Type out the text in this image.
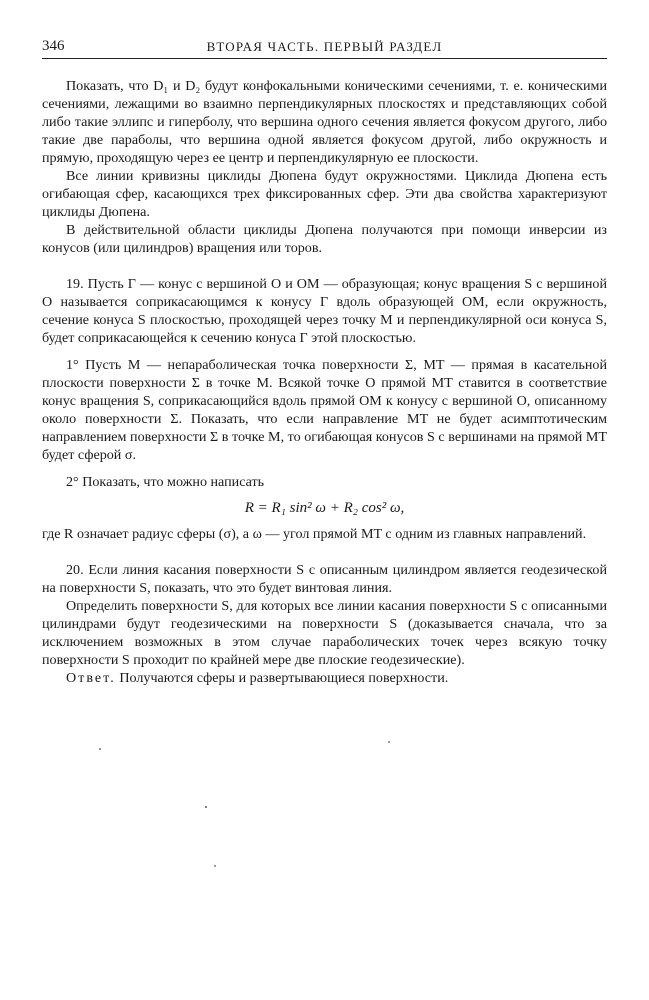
346	ВТОРАЯ ЧАСТЬ. ПЕРВЫЙ РАЗДЕЛ

Показать, что D₁ и D₂ будут конфокальными коническими сечениями, т. е. коническими сечениями, лежащими во взаимно перпендикулярных плоскостях и представляющих собой либо такие эллипс и гиперболу, что вершина одного сечения является фокусом другого, либо такие две параболы, что вершина одной является фокусом другой, либо окружность и прямую, проходящую через ее центр и перпендикулярную ее плоскости.

Все линии кривизны циклиды Дюпена будут окружностями. Циклида Дюпена есть огибающая сфер, касающихся трех фиксированных сфер. Эти два свойства характеризуют циклиды Дюпена.

В действительной области циклиды Дюпена получаются при помощи инверсии из конусов (или цилиндров) вращения или торов.

19. Пусть Γ — конус с вершиной O и OM — образующая; конус вращения S с вершиной O называется соприкасающимся к конусу Γ вдоль образующей OM, если окружность, сечение конуса S плоскостью, проходящей через точку M и перпендикулярной оси конуса S, будет соприкасающейся к сечению конуса Γ этой плоскостью.

1° Пусть M — непараболическая точка поверхности Σ, MT — прямая в касательной плоскости поверхности Σ в точке M. Всякой точке O прямой MT ставится в соответствие конус вращения S, соприкасающийся вдоль прямой OM к конусу с вершиной O, описанному около поверхности Σ. Показать, что если направление MT не будет асимптотическим направлением поверхности Σ в точке M, то огибающая конусов S с вершинами на прямой MT будет сферой σ.

2° Показать, что можно написать

R = R₁ sin² ω + R₂ cos² ω,

где R означает радиус сферы (σ), а ω — угол прямой MT с одним из главных направлений.

20. Если линия касания поверхности S с описанным цилиндром является геодезической на поверхности S, показать, что это будет винтовая линия.

Определить поверхности S, для которых все линии касания поверхности S с описанными цилиндрами будут геодезическими на поверхности S (доказывается сначала, что за исключением возможных в этом случае параболических точек через всякую точку поверхности S проходит по крайней мере две плоские геодезические).

Ответ. Получаются сферы и развертывающиеся поверхности.
